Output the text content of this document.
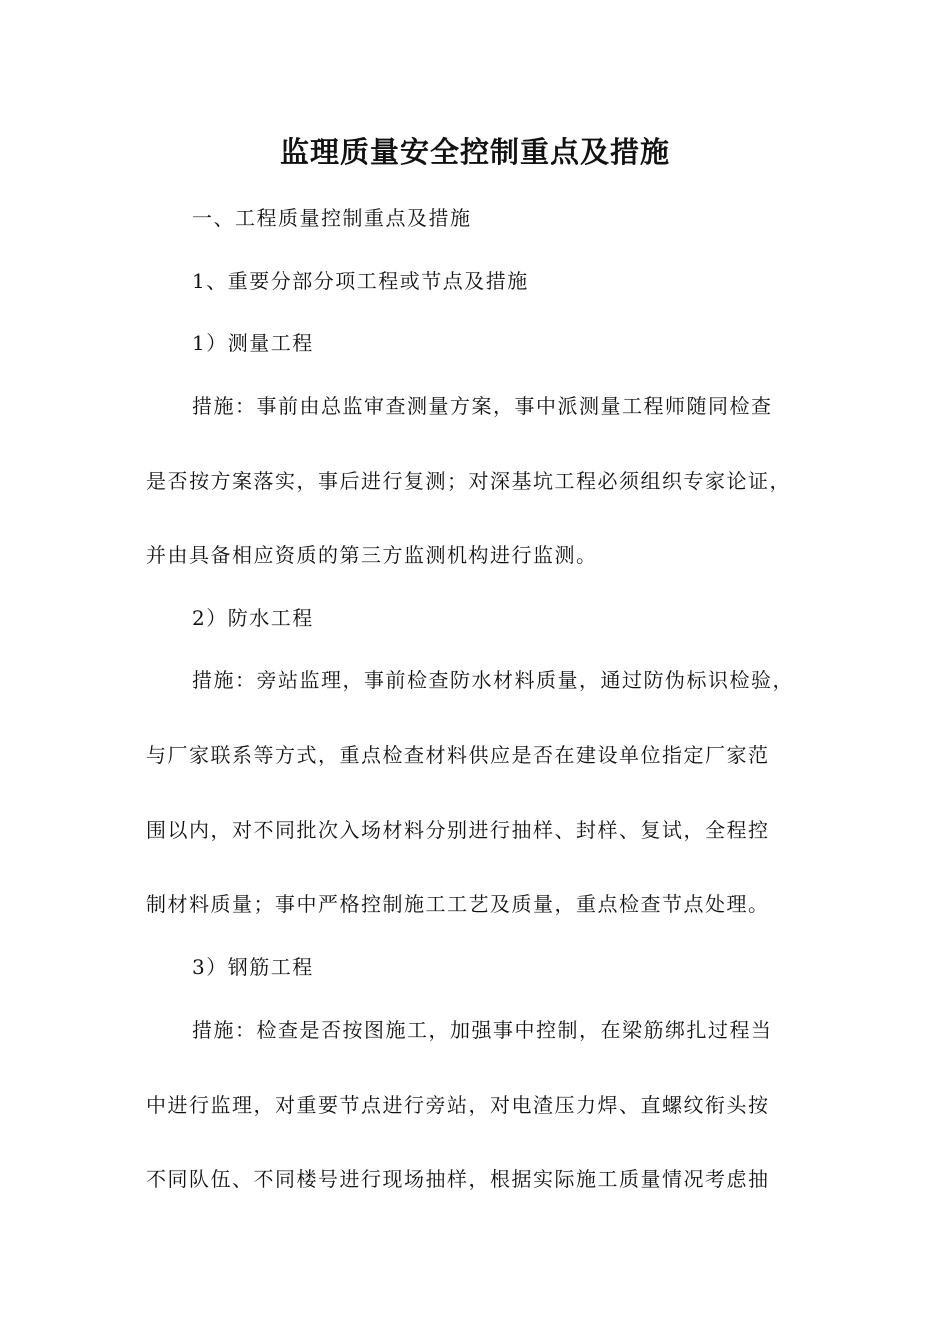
监理质量安全控制重点及措施

一、工程质量控制重点及措施

1、重要分部分项工程或节点及措施

1）测量工程

措施：事前由总监审查测量方案，事中派测量工程师随同检查

是否按方案落实，事后进行复测；对深基坑工程必须组织专家论证，

并由具备相应资质的第三方监测机构进行监测。

2）防水工程

措施：旁站监理，事前检查防水材料质量，通过防伪标识检验，

与厂家联系等方式，重点检查材料供应是否在建设单位指定厂家范

围以内，对不同批次入场材料分别进行抽样、封样、复试，全程控

制材料质量；事中严格控制施工工艺及质量，重点检查节点处理。

3）钢筋工程

措施：检查是否按图施工，加强事中控制，在梁筋绑扎过程当

中进行监理，对重要节点进行旁站，对电渣压力焊、直螺纹衔头按

不同队伍、不同楼号进行现场抽样，根据实际施工质量情况考虑抽
